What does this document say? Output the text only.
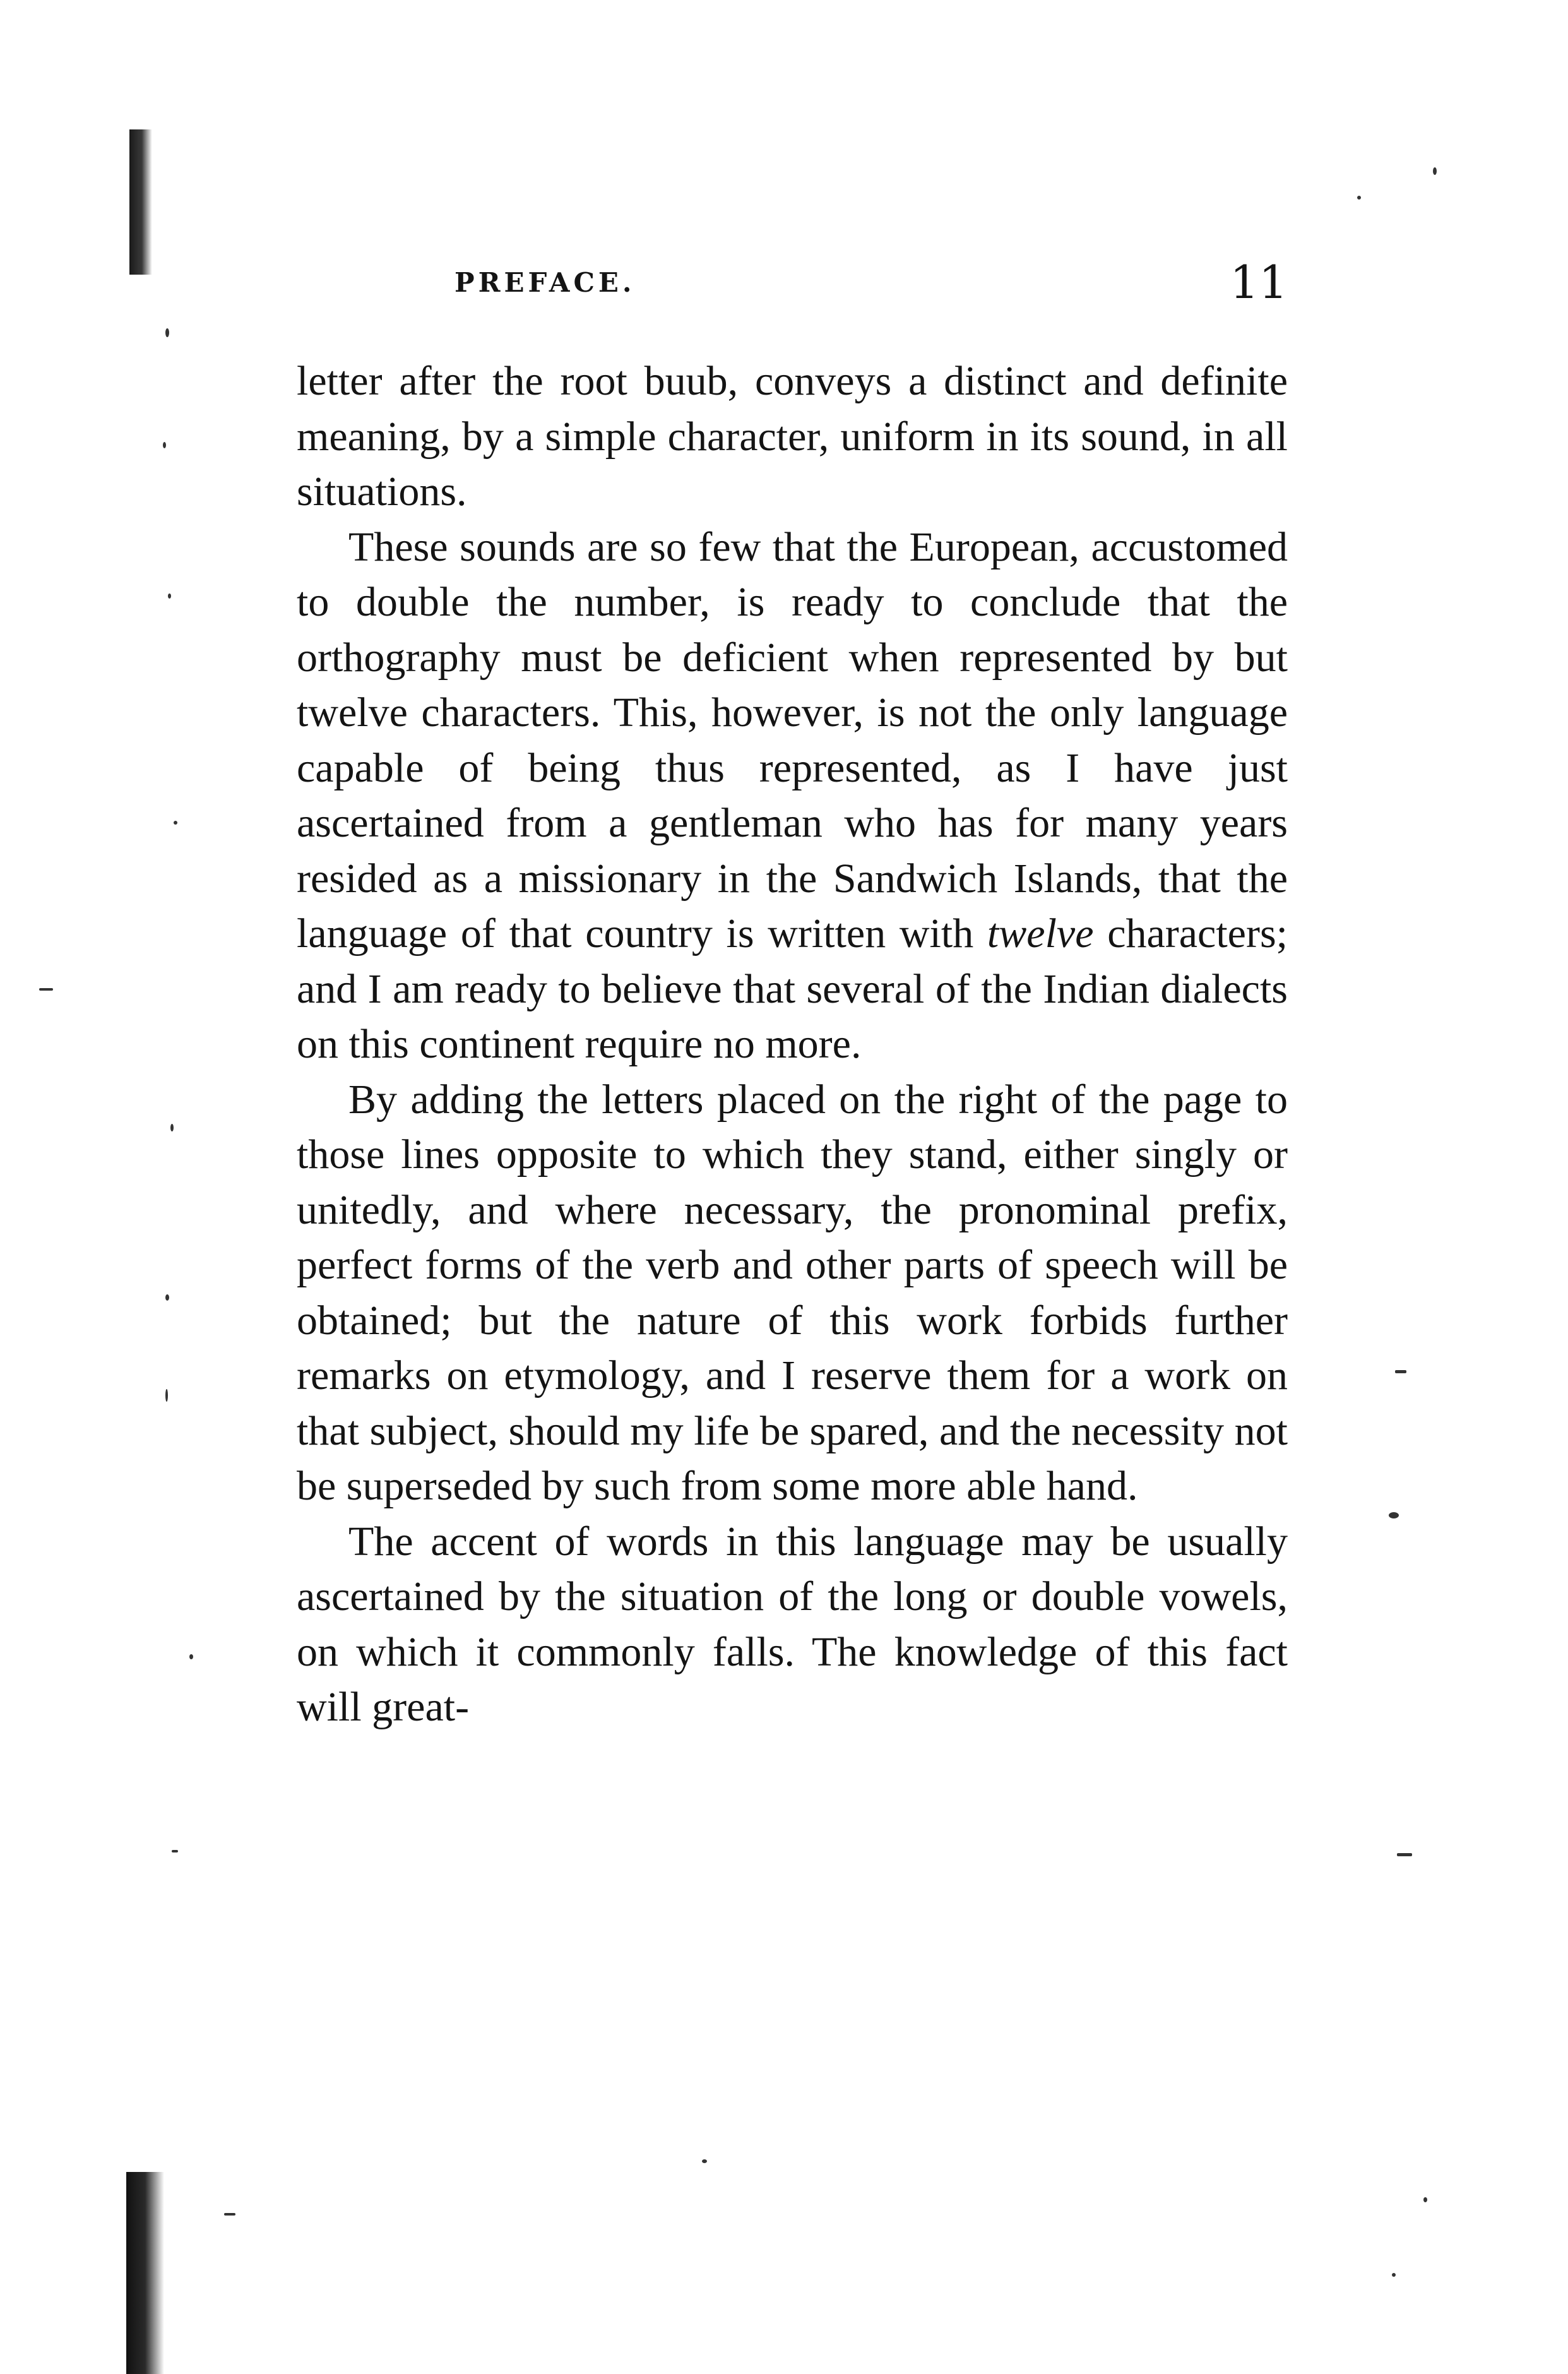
PREFACE.	11

letter after the root buub, conveys a distinct and definite meaning, by a simple character, uniform in its sound, in all situations.

These sounds are so few that the European, accustomed to double the number, is ready to conclude that the orthography must be deficient when represented by but twelve characters. This, however, is not the only language capable of being thus represented, as I have just ascertained from a gentleman who has for many years resided as a missionary in the Sandwich Islands, that the language of that country is written with twelve characters; and I am ready to believe that several of the Indian dialects on this continent require no more.

By adding the letters placed on the right of the page to those lines opposite to which they stand, either singly or unitedly, and where necessary, the pronominal prefix, perfect forms of the verb and other parts of speech will be obtained; but the nature of this work forbids further remarks on etymology, and I reserve them for a work on that subject, should my life be spared, and the necessity not be superseded by such from some more able hand.

The accent of words in this language may be usually ascertained by the situation of the long or double vowels, on which it commonly falls. The knowledge of this fact will great-
